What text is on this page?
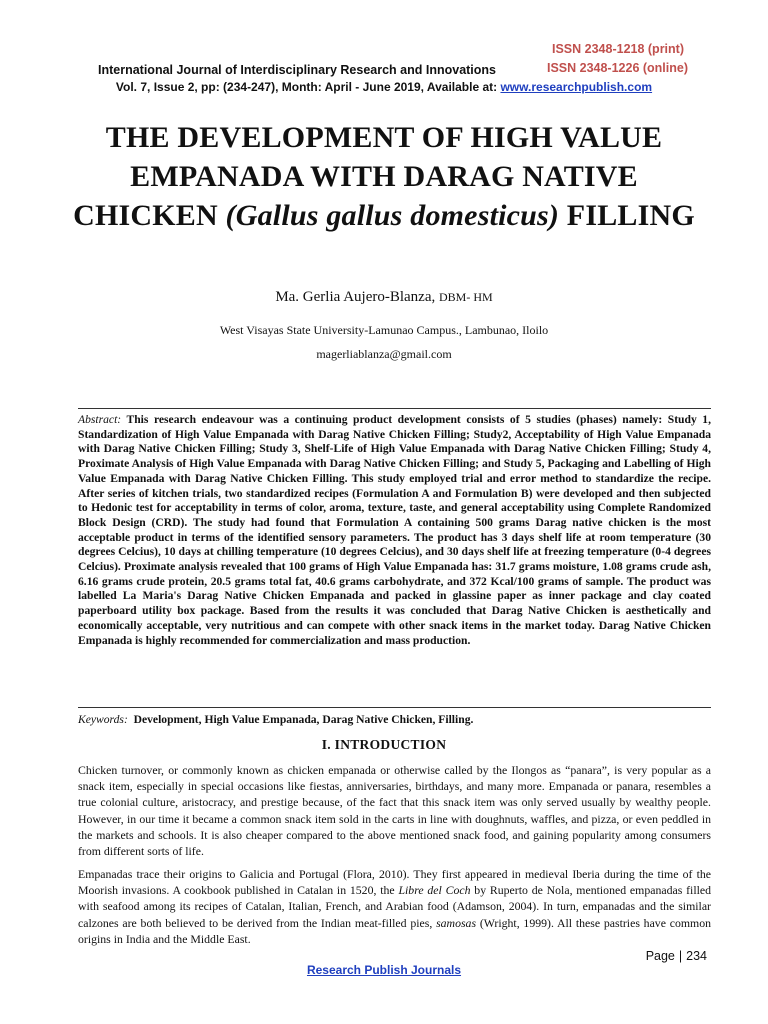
ISSN 2348-1218 (print)
International Journal of Interdisciplinary Research and Innovations	ISSN 2348-1226 (online)
Vol. 7, Issue 2, pp: (234-247), Month: April - June 2019, Available at: www.researchpublish.com
THE DEVELOPMENT OF HIGH VALUE EMPANADA WITH DARAG NATIVE CHICKEN (Gallus gallus domesticus) FILLING
Ma. Gerlia Aujero-Blanza, DBM- HM
West Visayas State University-Lamunao Campus., Lambunao, Iloilo
magerliablanza@gmail.com
Abstract: This research endeavour was a continuing product development consists of 5 studies (phases) namely: Study 1, Standardization of High Value Empanada with Darag Native Chicken Filling; Study2, Acceptability of High Value Empanada with Darag Native Chicken Filling; Study 3, Shelf-Life of High Value Empanada with Darag Native Chicken Filling; Study 4, Proximate Analysis of High Value Empanada with Darag Native Chicken Filling; and Study 5, Packaging and Labelling of High Value Empanada with Darag Native Chicken Filling. This study employed trial and error method to standardize the recipe. After series of kitchen trials, two standardized recipes (Formulation A and Formulation B) were developed and then subjected to Hedonic test for acceptability in terms of color, aroma, texture, taste, and general acceptability using Complete Randomized Block Design (CRD). The study had found that Formulation A containing 500 grams Darag native chicken is the most acceptable product in terms of the identified sensory parameters. The product has 3 days shelf life at room temperature (30 degrees Celcius), 10 days at chilling temperature (10 degrees Celcius), and 30 days shelf life at freezing temperature (0-4 degrees Celcius). Proximate analysis revealed that 100 grams of High Value Empanada has: 31.7 grams moisture, 1.08 grams crude ash, 6.16 grams crude protein, 20.5 grams total fat, 40.6 grams carbohydrate, and 372 Kcal/100 grams of sample. The product was labelled La Maria's Darag Native Chicken Empanada and packed in glassine paper as inner package and clay coated paperboard utility box package. Based from the results it was concluded that Darag Native Chicken is aesthetically and economically acceptable, very nutritious and can compete with other snack items in the market today. Darag Native Chicken Empanada is highly recommended for commercialization and mass production.
Keywords: Development, High Value Empanada, Darag Native Chicken, Filling.
I. INTRODUCTION
Chicken turnover, or commonly known as chicken empanada or otherwise called by the Ilongos as “panara”, is very popular as a snack item, especially in special occasions like fiestas, anniversaries, birthdays, and many more. Empanada or panara, resembles a true colonial culture, aristocracy, and prestige because, of the fact that this snack item was only served usually by wealthy people. However, in our time it became a common snack item sold in the carts in line with doughnuts, waffles, and pizza, or even peddled in the markets and schools. It is also cheaper compared to the above mentioned snack food, and gaining popularity among consumers from different sorts of life.
Empanadas trace their origins to Galicia and Portugal (Flora, 2010). They first appeared in medieval Iberia during the time of the Moorish invasions. A cookbook published in Catalan in 1520, the Libre del Coch by Ruperto de Nola, mentioned empanadas filled with seafood among its recipes of Catalan, Italian, French, and Arabian food (Adamson, 2004). In turn, empanadas and the similar calzones are both believed to be derived from the Indian meat-filled pies, samosas (Wright, 1999). All these pastries have common origins in India and the Middle East.
Page | 234
Research Publish Journals
